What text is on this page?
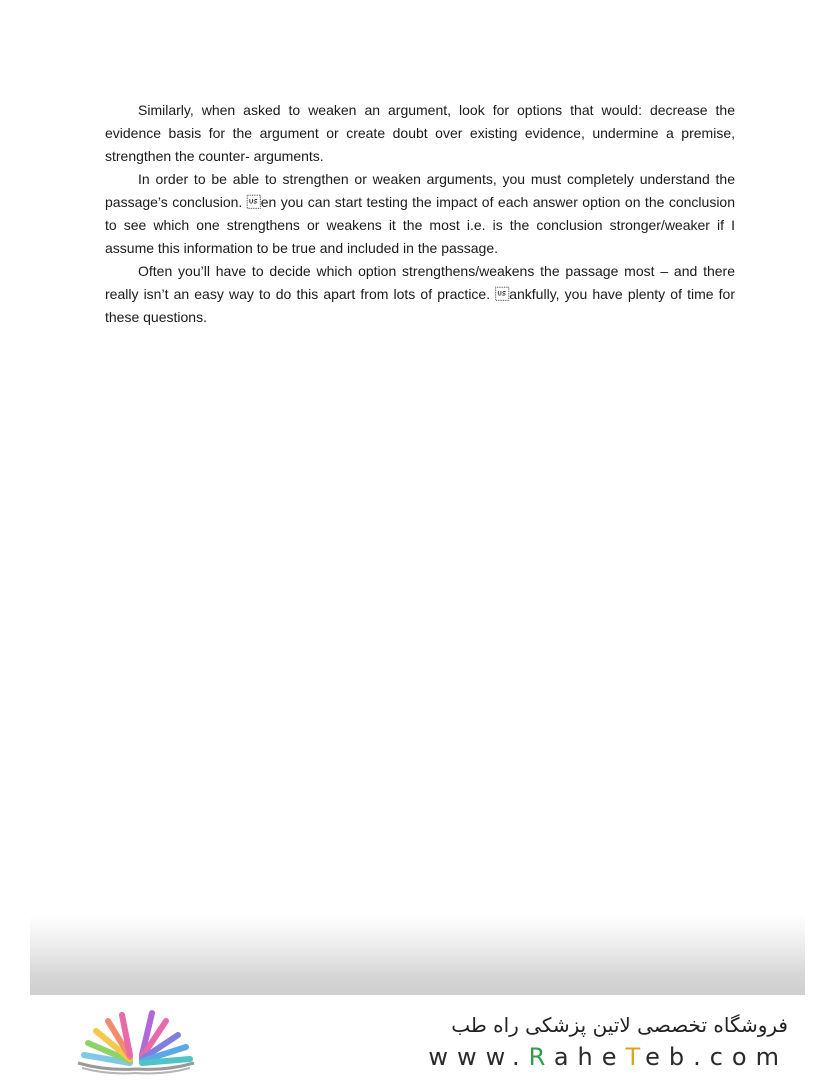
Similarly, when asked to weaken an argument, look for options that would: decrease the evidence basis for the argument or create doubt over existing evidence, undermine a premise, strengthen the counter- arguments.

In order to be able to strengthen or weaken arguments, you must completely understand the passage’s conclusion. en you can start testing the impact of each answer option on the conclusion to see which one strengthens or weakens it the most i.e. is the conclusion stronger/weaker if I assume this information to be true and included in the passage.

Often you’ll have to decide which option strengthens/weakens the passage most – and there really isn’t an easy way to do this apart from lots of practice. ankfully, you have plenty of time for these questions.

فروشگاه تخصصی لاتین پزشکی راه طب
www.RaheTeb.com
